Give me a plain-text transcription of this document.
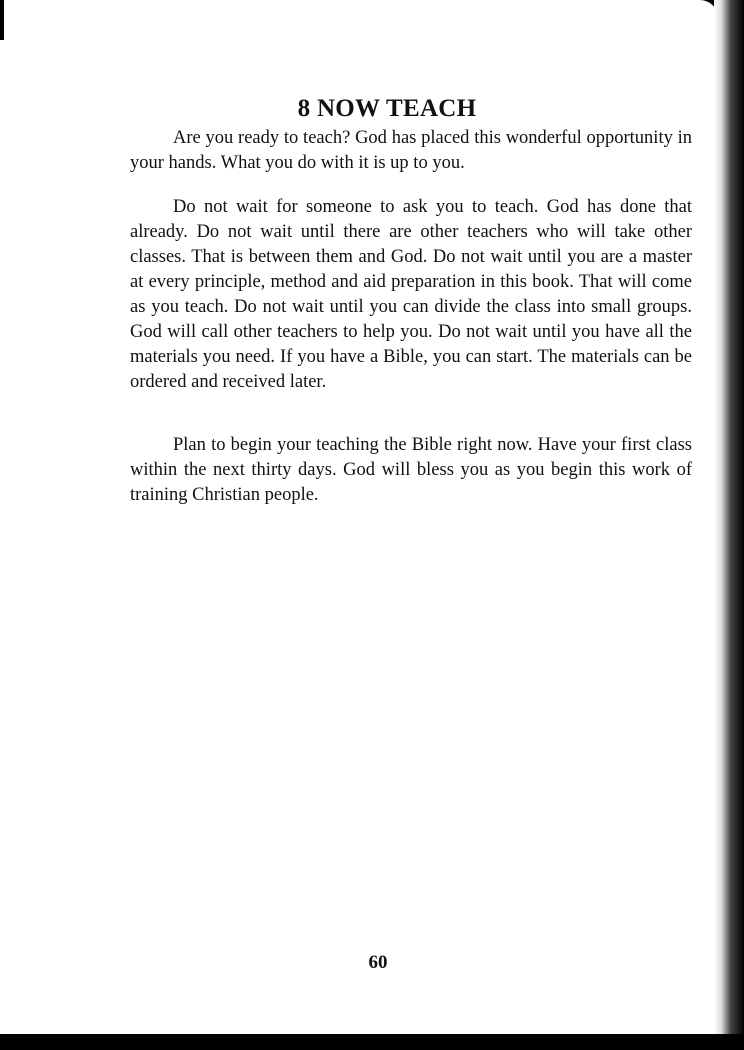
8 NOW TEACH

Are you ready to teach? God has placed this wonderful opportunity in your hands. What you do with it is up to you.

Do not wait for someone to ask you to teach. God has done that already. Do not wait until there are other teachers who will take other classes. That is between them and God. Do not wait until you are a master at every principle, method and aid preparation in this book. That will come as you teach. Do not wait until you can divide the class into small groups. God will call other teachers to help you. Do not wait until you have all the materials you need. If you have a Bible, you can start. The materials can be ordered and received later.

Plan to begin your teaching the Bible right now. Have your first class within the next thirty days. God will bless you as you begin this work of training Christian people.

60
